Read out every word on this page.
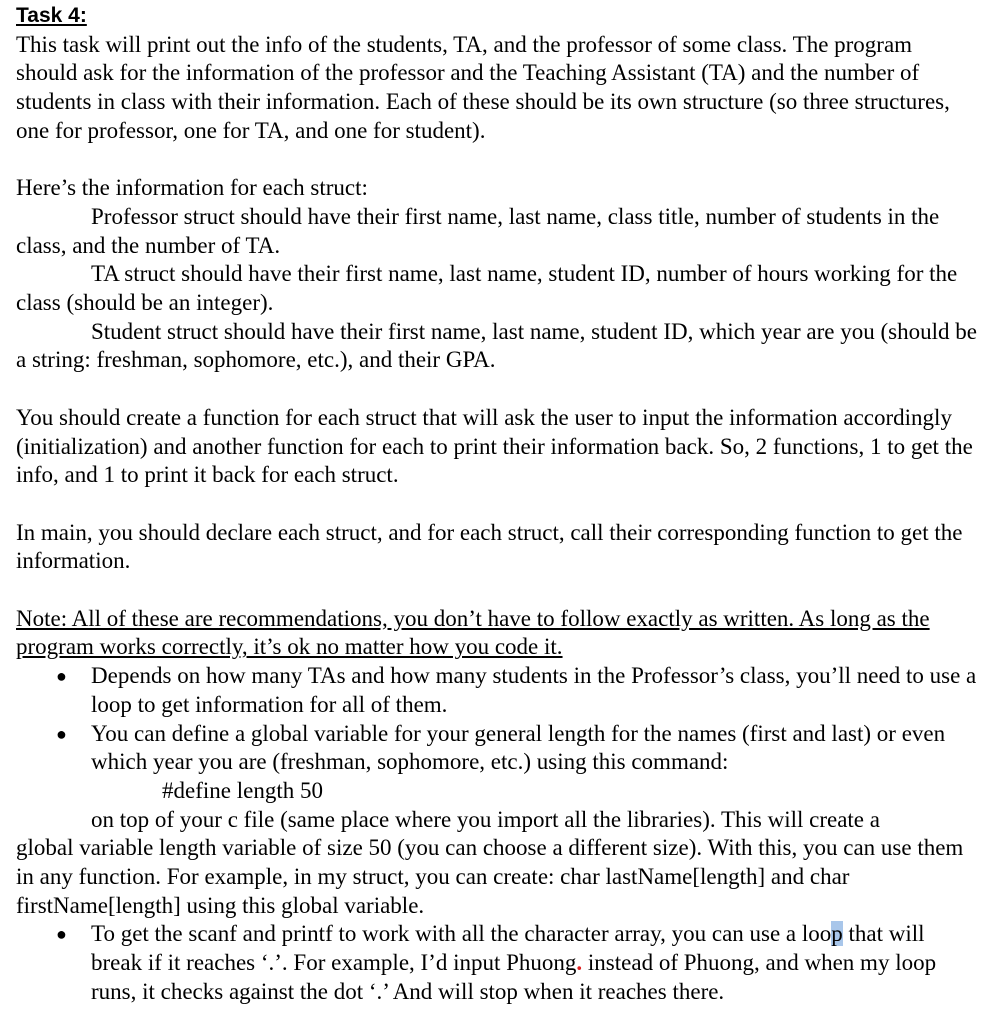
Task 4:

This task will print out the info of the students, TA, and the professor of some class. The program should ask for the information of the professor and the Teaching Assistant (TA) and the number of students in class with their information. Each of these should be its own structure (so three structures, one for professor, one for TA, and one for student).

Here’s the information for each struct:

Professor struct should have their first name, last name, class title, number of students in the class, and the number of TA.

TA struct should have their first name, last name, student ID, number of hours working for the class (should be an integer).

Student struct should have their first name, last name, student ID, which year are you (should be a string: freshman, sophomore, etc.), and their GPA.

You should create a function for each struct that will ask the user to input the information accordingly (initialization) and another function for each to print their information back. So, 2 functions, 1 to get the info, and 1 to print it back for each struct.

In main, you should declare each struct, and for each struct, call their corresponding function to get the information.

Note: All of these are recommendations, you don’t have to follow exactly as written. As long as the program works correctly, it’s ok no matter how you code it.

● Depends on how many TAs and how many students in the Professor’s class, you’ll need to use a loop to get information for all of them.
● You can define a global variable for your general length for the names (first and last) or even which year you are (freshman, sophomore, etc.) using this command:

#define length 50

on top of your c file (same place where you import all the libraries). This will create a

global variable length variable of size 50 (you can choose a different size). With this, you can use them in any function. For example, in my struct, you can create: char lastName[length] and char firstName[length] using this global variable.

● To get the scanf and printf to work with all the character array, you can use a loop that will break if it reaches ‘.’. For example, I’d input Phuong. instead of Phuong, and when my loop runs, it checks against the dot ‘.’ And will stop when it reaches there.
